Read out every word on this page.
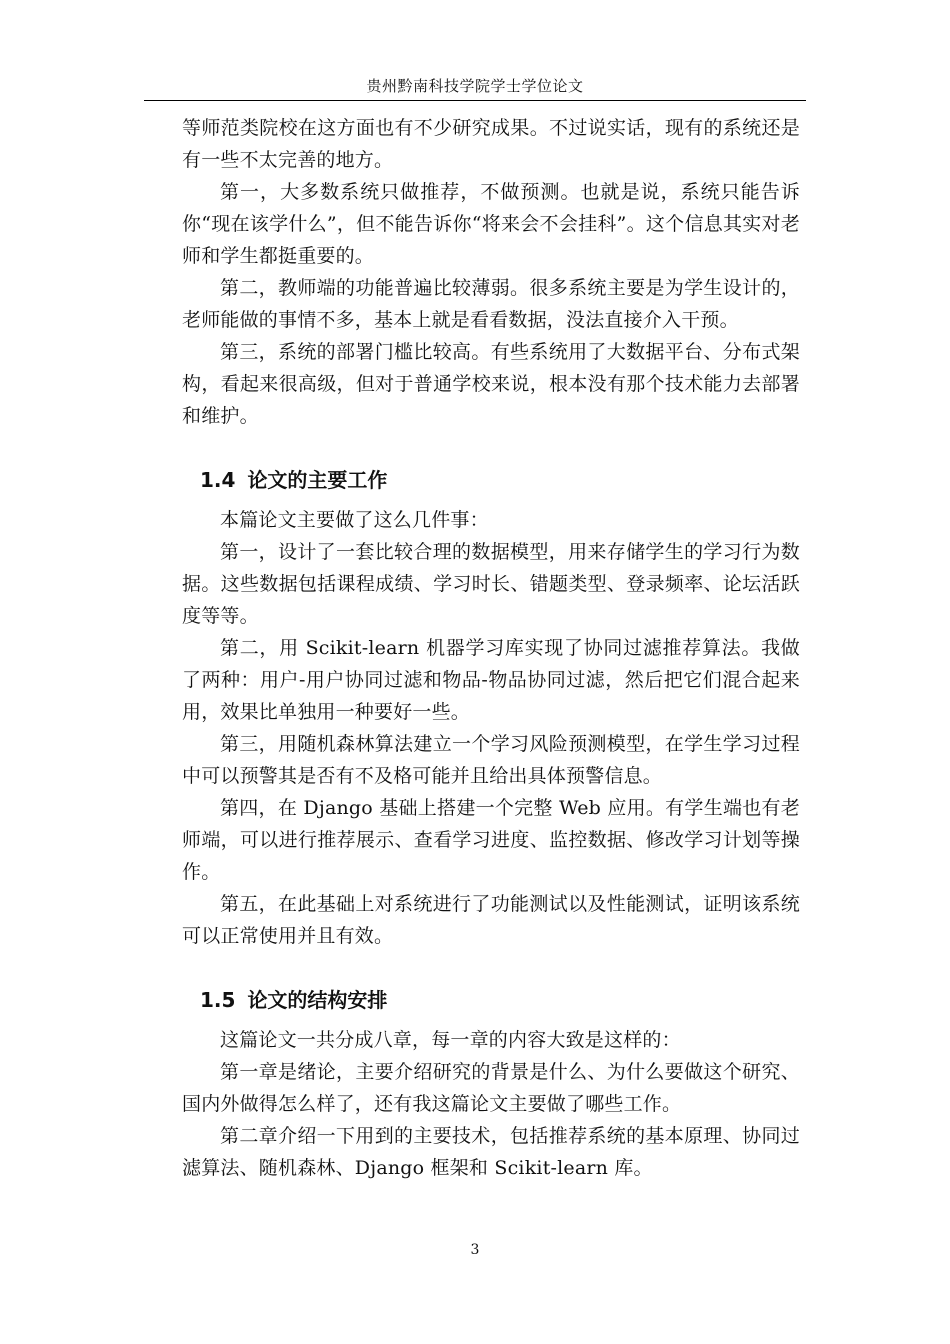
贵州黔南科技学院学士学位论文

等师范类院校在这方面也有不少研究成果。不过说实话，现有的系统还是有一些不太完善的地方。

第一，大多数系统只做推荐，不做预测。也就是说，系统只能告诉你“现在该学什么”，但不能告诉你“将来会不会挂科”。这个信息其实对老师和学生都挺重要的。

第二，教师端的功能普遍比较薄弱。很多系统主要是为学生设计的，老师能做的事情不多，基本上就是看看数据，没法直接介入干预。

第三，系统的部署门槛比较高。有些系统用了大数据平台、分布式架构，看起来很高级，但对于普通学校来说，根本没有那个技术能力去部署和维护。

1.4 论文的主要工作

本篇论文主要做了这么几件事：

第一，设计了一套比较合理的数据模型，用来存储学生的学习行为数据。这些数据包括课程成绩、学习时长、错题类型、登录频率、论坛活跃度等等。

第二，用 Scikit-learn 机器学习库实现了协同过滤推荐算法。我做了两种：用户-用户协同过滤和物品-物品协同过滤，然后把它们混合起来用，效果比单独用一种要好一些。

第三，用随机森林算法建立一个学习风险预测模型，在学生学习过程中可以预警其是否有不及格可能并且给出具体预警信息。

第四，在 Django 基础上搭建一个完整 Web 应用。有学生端也有老师端，可以进行推荐展示、查看学习进度、监控数据、修改学习计划等操作。

第五，在此基础上对系统进行了功能测试以及性能测试，证明该系统可以正常使用并且有效。

1.5 论文的结构安排

这篇论文一共分成八章，每一章的内容大致是这样的：

第一章是绪论，主要介绍研究的背景是什么、为什么要做这个研究、国内外做得怎么样了，还有我这篇论文主要做了哪些工作。

第二章介绍一下用到的主要技术，包括推荐系统的基本原理、协同过滤算法、随机森林、Django 框架和 Scikit-learn 库。

3
